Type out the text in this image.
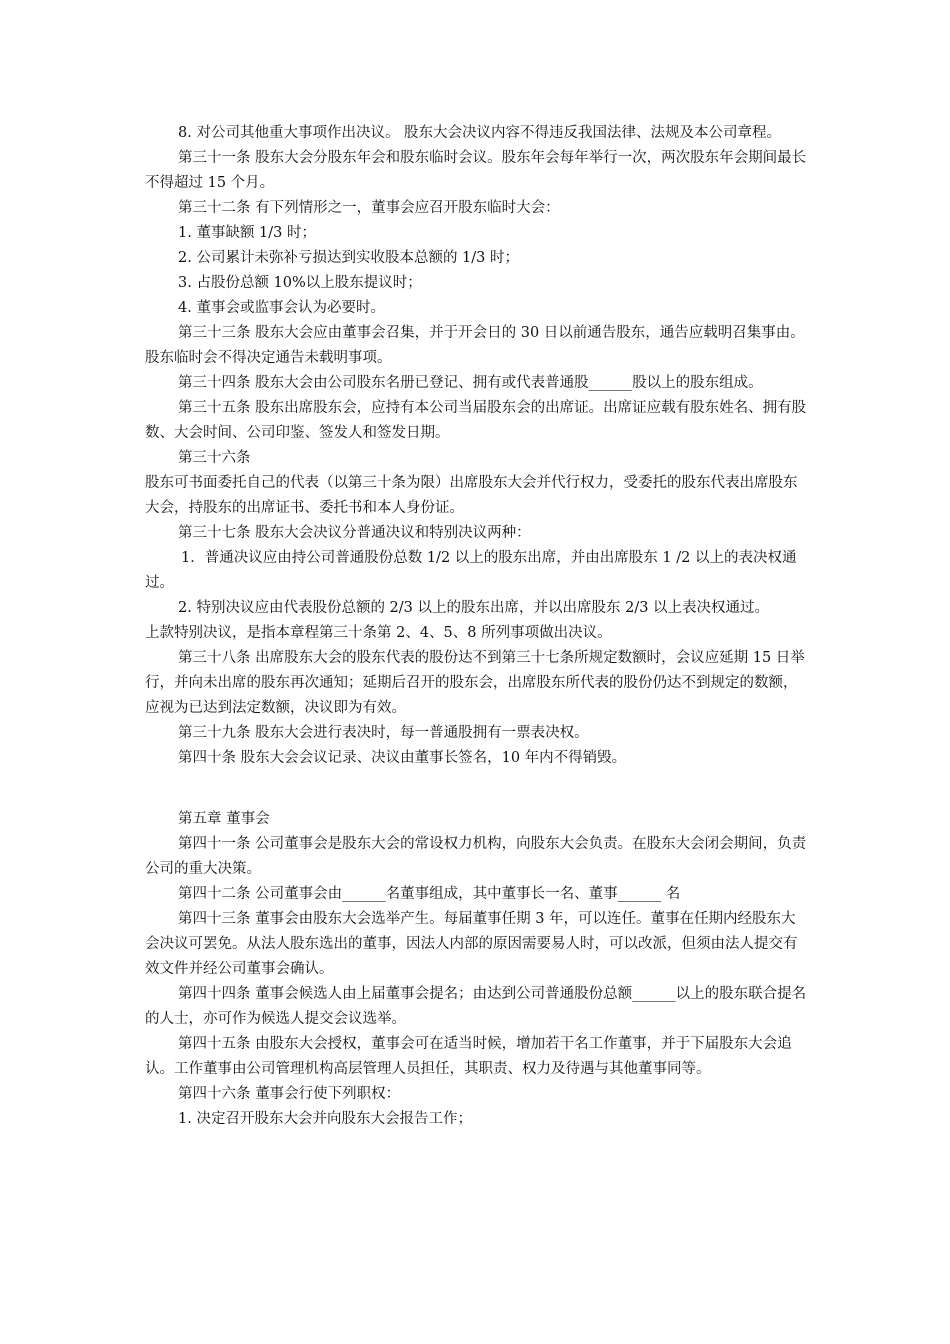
8. 对公司其他重大事项作出决议。 股东大会决议内容不得违反我国法律、法规及本公司章程。

第三十一条 股东大会分股东年会和股东临时会议。股东年会每年举行一次，两次股东年会期间最长不得超过 15 个月。

第三十二条 有下列情形之一，董事会应召开股东临时大会：

1. 董事缺额 1/3 时；

2. 公司累计未弥补亏损达到实收股本总额的 1/3 时；

3. 占股份总额 10%以上股东提议时；

4. 董事会或监事会认为必要时。

第三十三条 股东大会应由董事会召集，并于开会日的 30 日以前通告股东，通告应载明召集事由。股东临时会不得决定通告未载明事项。

第三十四条 股东大会由公司股东名册已登记、拥有或代表普通股______股以上的股东组成。

第三十五条 股东出席股东会，应持有本公司当届股东会的出席证。出席证应载有股东姓名、拥有股数、大会时间、公司印鉴、签发人和签发日期。

第三十六条

股东可书面委托自己的代表（以第三十条为限）出席股东大会并代行权力，受委托的股东代表出席股东大会，持股东的出席证书、委托书和本人身份证。

第三十七条 股东大会决议分普通决议和特别决议两种：

1．普通决议应由持公司普通股份总数 1/2 以上的股东出席，并由出席股东 1 /2 以上的表决权通过。

2. 特别决议应由代表股份总额的 2/3 以上的股东出席，并以出席股东 2/3 以上表决权通过。

上款特别决议，是指本章程第三十条第 2、4、5、8 所列事项做出决议。

第三十八条 出席股东大会的股东代表的股份达不到第三十七条所规定数额时，会议应延期 15 日举行，并向未出席的股东再次通知；延期后召开的股东会，出席股东所代表的股份仍达不到规定的数额，应视为已达到法定数额，决议即为有效。

第三十九条 股东大会进行表决时，每一普通股拥有一票表决权。

第四十条 股东大会会议记录、决议由董事长签名，10 年内不得销毁。

第五章 董事会

第四十一条 公司董事会是股东大会的常设权力机构，向股东大会负责。在股东大会闭会期间，负责公司的重大决策。

第四十二条 公司董事会由______名董事组成，其中董事长一名、董事______ 名

第四十三条 董事会由股东大会选举产生。每届董事任期 3 年，可以连任。董事在任期内经股东大会决议可罢免。从法人股东选出的董事，因法人内部的原因需要易人时，可以改派，但须由法人提交有效文件并经公司董事会确认。

第四十四条 董事会候选人由上届董事会提名；由达到公司普通股份总额______以上的股东联合提名的人士，亦可作为候选人提交会议选举。

第四十五条 由股东大会授权，董事会可在适当时候，增加若干名工作董事，并于下届股东大会追认。工作董事由公司管理机构高层管理人员担任，其职责、权力及待遇与其他董事同等。

第四十六条 董事会行使下列职权：

1. 决定召开股东大会并向股东大会报告工作；
